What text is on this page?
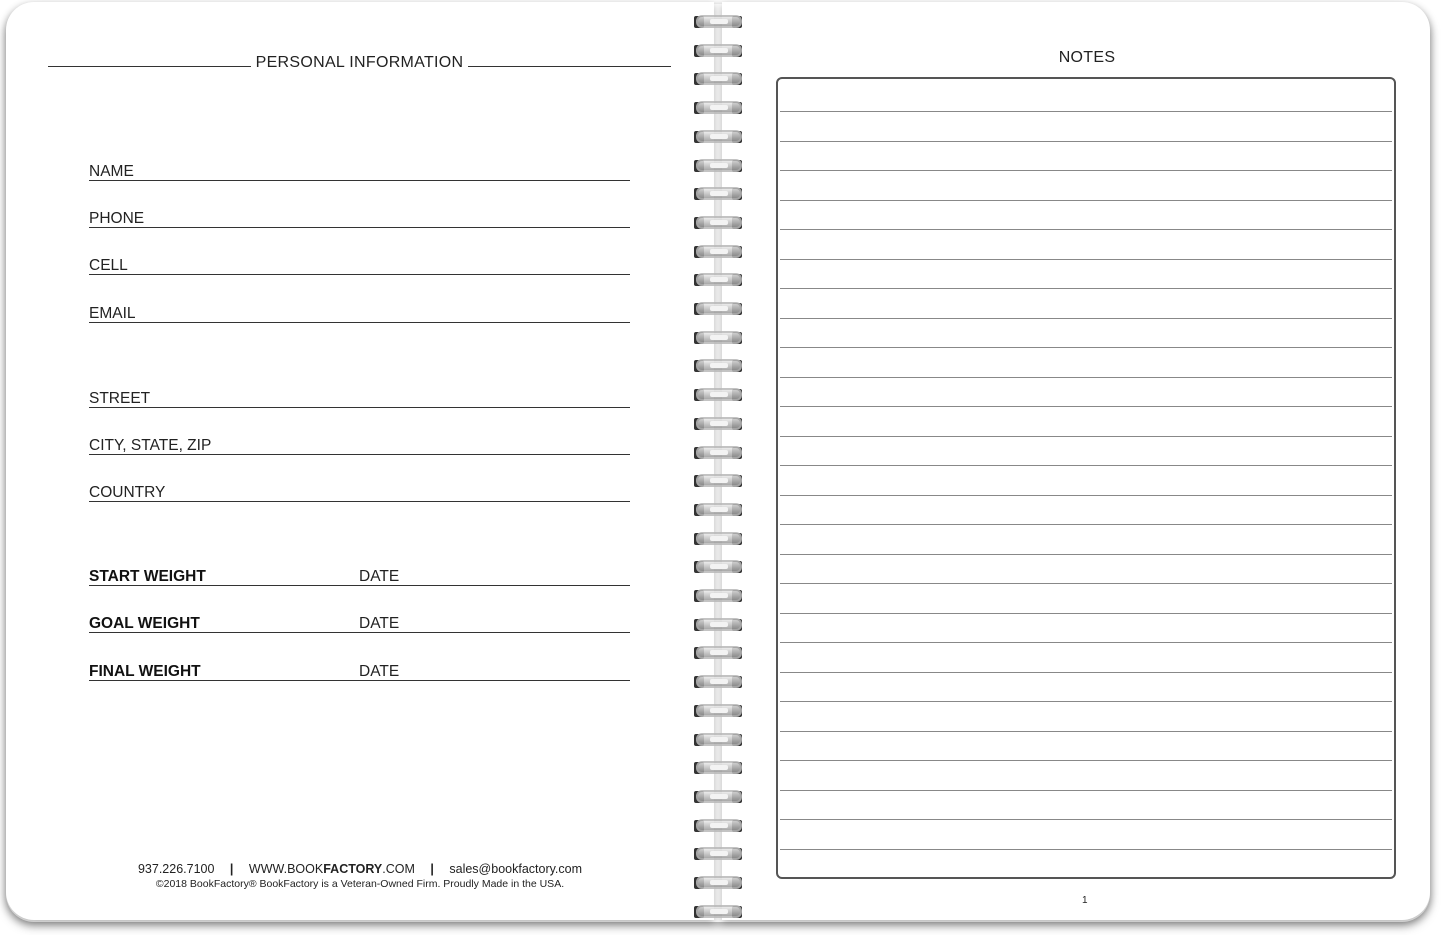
PERSONAL INFORMATION
NAME
PHONE
CELL
EMAIL
STREET
CITY, STATE, ZIP
COUNTRY
START WEIGHT	DATE
GOAL WEIGHT	DATE
FINAL WEIGHT	DATE
937.226.7100 | WWW.BOOKFACTORY.COM | sales@bookfactory.com
©2018 BookFactory® BookFactory is a Veteran-Owned Firm. Proudly Made in the USA.
NOTES
1
